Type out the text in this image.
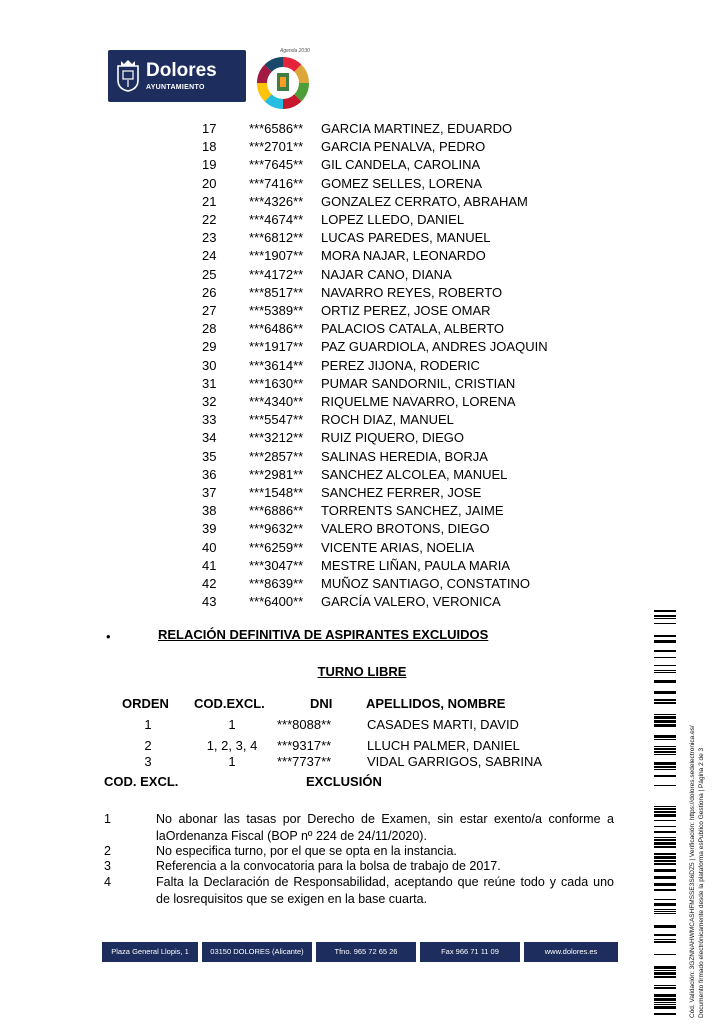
Dolores
AYUNTAMIENTO
Agenda 2030
17	***6586** GARCIA MARTINEZ, EDUARDO
18	***2701** GARCIA PENALVA, PEDRO
19	***7645** GIL CANDELA, CAROLINA
20	***7416** GOMEZ SELLES, LORENA
21	***4326** GONZALEZ CERRATO, ABRAHAM
22	***4674** LOPEZ LLEDO, DANIEL
23	***6812** LUCAS PAREDES, MANUEL
24	***1907** MORA NAJAR, LEONARDO
25	***4172** NAJAR CANO, DIANA
26	***8517** NAVARRO REYES, ROBERTO
27	***5389** ORTIZ PEREZ, JOSE OMAR
28	***6486** PALACIOS CATALA, ALBERTO
29	***1917** PAZ GUARDIOLA, ANDRES JOAQUIN
30	***3614** PEREZ JIJONA, RODERIC
31	***1630** PUMAR SANDORNIL, CRISTIAN
32	***4340** RIQUELME NAVARRO, LORENA
33	***5547** ROCH DIAZ, MANUEL
34	***3212** RUIZ PIQUERO, DIEGO
35	***2857** SALINAS HEREDIA, BORJA
36	***2981** SANCHEZ ALCOLEA, MANUEL
37	***1548** SANCHEZ FERRER, JOSE
38	***6886** TORRENTS SANCHEZ, JAIME
39	***9632** VALERO BROTONS, DIEGO
40	***6259** VICENTE ARIAS, NOELIA
41	***3047** MESTRE LIÑAN, PAULA MARIA
42	***8639** MUÑOZ SANTIAGO, CONSTATINO
43	***6400** GARCÍA VALERO, VERONICA
•	RELACIÓN DEFINITIVA DE ASPIRANTES EXCLUIDOS
TURNO LIBRE
ORDEN COD.EXCL.	DNI	APELLIDOS, NOMBRE
1	1	***8088**	CASADES MARTI, DAVID
2	1, 2, 3, 4	***9317**	LLUCH PALMER, DANIEL
3	1	***7737**	VIDAL GARRIGOS, SABRINA
COD. EXCL.	EXCLUSIÓN
1	No abonar las tasas por Derecho de Examen, sin estar exento/a conforme a laOrdenanza Fiscal (BOP nº 224 de 24/11/2020).
2	No especifica turno, por el que se opta en la instancia.
3	Referencia a la convocatoria para la bolsa de trabajo de 2017.
4	Falta la Declaración de Responsabilidad, aceptando que reúne todo y cada uno de losrequisitos que se exigen en la base cuarta.
Plaza General Llopis, 1	03150 DOLORES (Alicante)	Tfno. 965 72 65 26	Fax 966 71 11 09	www.dolores.es	Cód. Validación: 3GZNNAHWMCASHFMSSE3S6DZ5 | Verificación: https://dolores.sedelectronica.es/ Documento firmado electrónicamente desde la plataforma esPublico Gestiona | Página 2 de 3
